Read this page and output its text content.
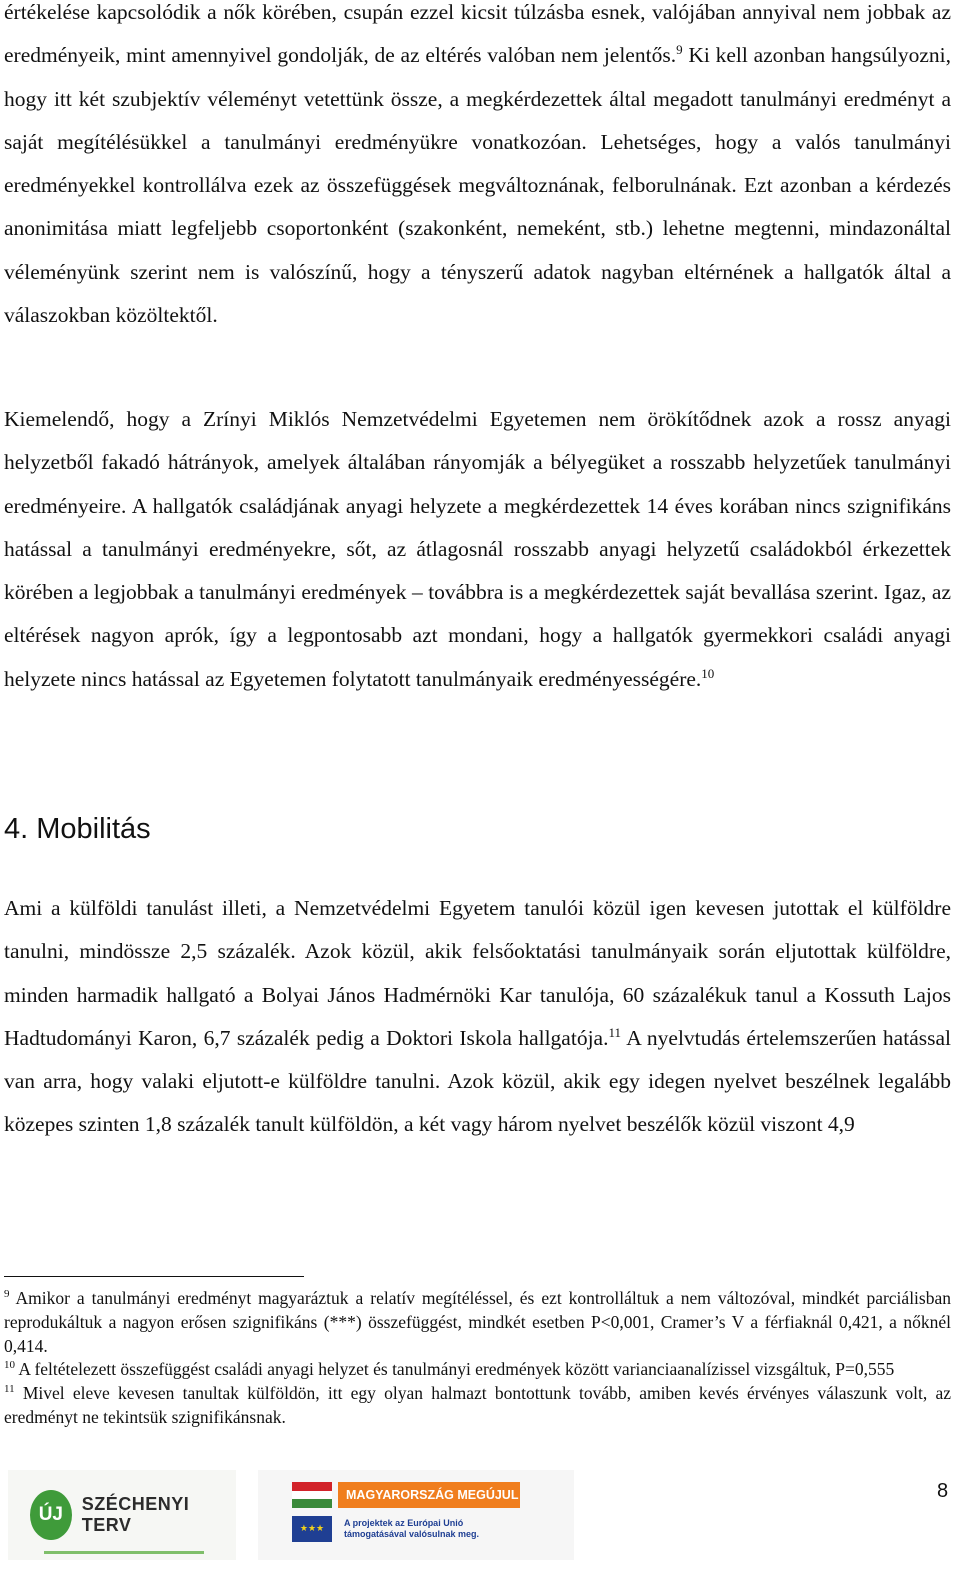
értékelése kapcsolódik a nők körében, csupán ezzel kicsit túlzásba esnek, valójában annyival nem jobbak az eredményeik, mint amennyivel gondolják, de az eltérés valóban nem jelentős.$^9$ Ki kell azonban hangsúlyozni, hogy itt két szubjektív véleményt vetettünk össze, a megkérdezettek által megadott tanulmányi eredményt a saját megítélésükkel a tanulmányi eredményükre vonatkozóan. Lehetséges, hogy a valós tanulmányi eredményekkel kontrollálva ezek az összefüggések megváltoznának, felborulnának. Ezt azonban a kérdezés anonimitása miatt legfeljebb csoportonként (szakonként, nemeként, stb.) lehetne megtenni, mindazonáltal véleményünk szerint nem is valószínű, hogy a tényszerű adatok nagyban eltérnének a hallgatók által a válaszokban közöltektől.

Kiemelendő, hogy a Zrínyi Miklós Nemzetvédelmi Egyetemen nem örökítődnek azok a rossz anyagi helyzetből fakadó hátrányok, amelyek általában rányomják a bélyegüket a rosszabb helyzetűek tanulmányi eredményeire. A hallgatók családjának anyagi helyzete a megkérdezettek 14 éves korában nincs szignifikáns hatással a tanulmányi eredményekre, sőt, az átlagosnál rosszabb anyagi helyzetű családokból érkezettek körében a legjobbak a tanulmányi eredmények – továbbra is a megkérdezettek saját bevallása szerint. Igaz, az eltérések nagyon aprók, így a legpontosabb azt mondani, hogy a hallgatók gyermekkori családi anyagi helyzete nincs hatással az Egyetemen folytatott tanulmányaik eredményességére.$^{10}$

4. Mobilitás

Ami a külföldi tanulást illeti, a Nemzetvédelmi Egyetem tanulói közül igen kevesen jutottak el külföldre tanulni, mindössze 2,5 százalék. Azok közül, akik felsőoktatási tanulmányaik során eljutottak külföldre, minden harmadik hallgató a Bolyai János Hadmérnöki Kar tanulója, 60 százalékuk tanul a Kossuth Lajos Hadtudományi Karon, 6,7 százalék pedig a Doktori Iskola hallgatója.$^{11}$ A nyelvtudás értelemszerűen hatással van arra, hogy valaki eljutott-e külföldre tanulni. Azok közül, akik egy idegen nyelvet beszélnek legalább közepes szinten 1,8 százalék tanult külföldön, a két vagy három nyelvet beszélők közül viszont 4,9

$^9$ Amikor a tanulmányi eredményt magyaráztuk a relatív megítéléssel, és ezt kontrolláltuk a nem változóval, mindkét parciálisban reprodukáltuk a nagyon erősen szignifikáns (***) összefüggést, mindkét esetben P<0,001, Cramer’s V a férfiaknál 0,421, a nőknél 0,414.

$^{10}$ A feltételezett összefüggést családi anyagi helyzet és tanulmányi eredmények között varianciaanalízissel vizsgáltuk, P=0,555

$^{11}$ Mivel eleve kevesen tanultak külföldön, itt egy olyan halmazt bontottunk tovább, amiben kevés érvényes válaszunk volt, az eredményt ne tekintsük szignifikánsnak.

ÚJ	SZÉCHENYI TERV
MAGYARORSZÁG MEGÚJUL
★★★
A projektek az Európai Unió
támogatásával valósulnak meg.
8
